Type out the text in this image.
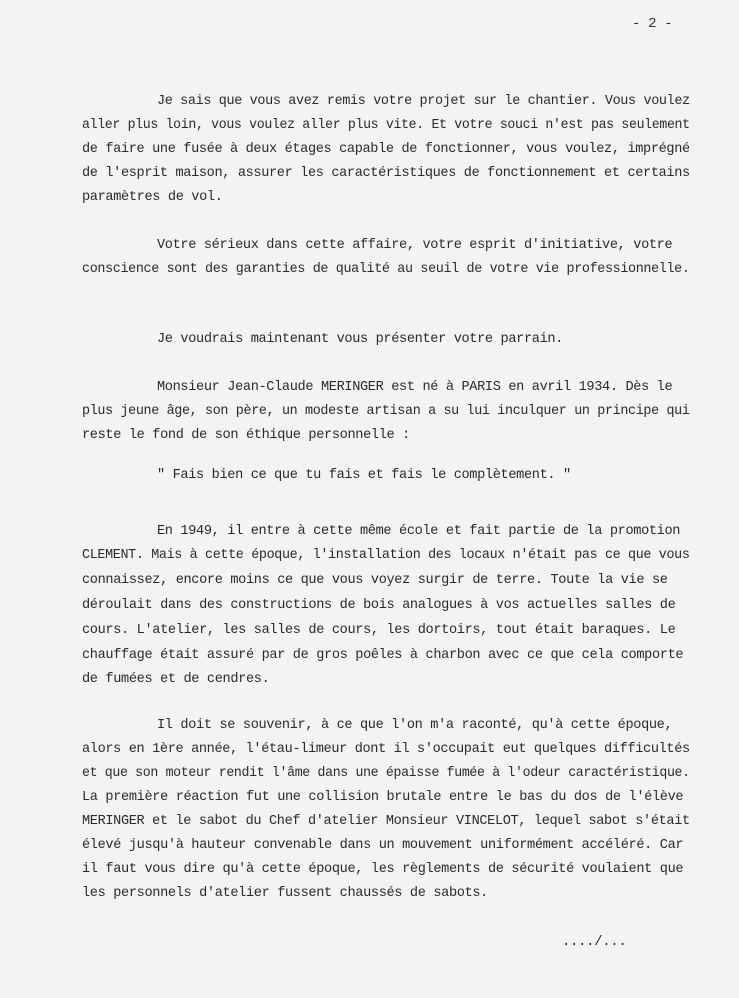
- 2 -
Je sais que vous avez remis votre projet sur le chantier. Vous voulez
aller plus loin, vous voulez aller plus vite. Et votre souci n'est pas seulement
de faire une fusée à deux étages capable de fonctionner, vous voulez, imprégné
de l'esprit maison, assurer les caractéristiques de fonctionnement et certains
paramètres de vol.
Votre sérieux dans cette affaire, votre esprit d'initiative, votre
conscience sont des garanties de qualité au seuil de votre vie professionnelle.
Je voudrais maintenant vous présenter votre parrain.
Monsieur Jean-Claude MERINGER est né à PARIS en avril 1934. Dès le
plus jeune âge, son père, un modeste artisan a su lui inculquer un principe qui
reste le fond de son éthique personnelle :
" Fais bien ce que tu fais et fais le complètement. "
En 1949, il entre à cette même école et fait partie de la promotion
CLEMENT. Mais à cette époque, l'installation des locaux n'était pas ce que vous
connaissez, encore moins ce que vous voyez surgir de terre. Toute la vie se
déroulait dans des constructions de bois analogues à vos actuelles salles de
cours. L'atelier, les salles de cours, les dortoirs, tout était baraques. Le
chauffage était assuré par de gros poêles à charbon avec ce que cela comporte
de fumées et de cendres.
Il doit se souvenir, à ce que l'on m'a raconté, qu'à cette époque,
alors en 1ère année, l'étau-limeur dont il s'occupait eut quelques difficultés
et que son moteur rendit l'âme dans une épaisse fumée à l'odeur caractéristique.
La première réaction fut une collision brutale entre le bas du dos de l'élève
MERINGER et le sabot du Chef d'atelier Monsieur VINCELOT, lequel sabot s'était
élevé jusqu'à hauteur convenable dans un mouvement uniformément accéléré. Car
il faut vous dire qu'à cette époque, les règlements de sécurité voulaient que
les personnels d'atelier fussent chaussés de sabots.
..../...
